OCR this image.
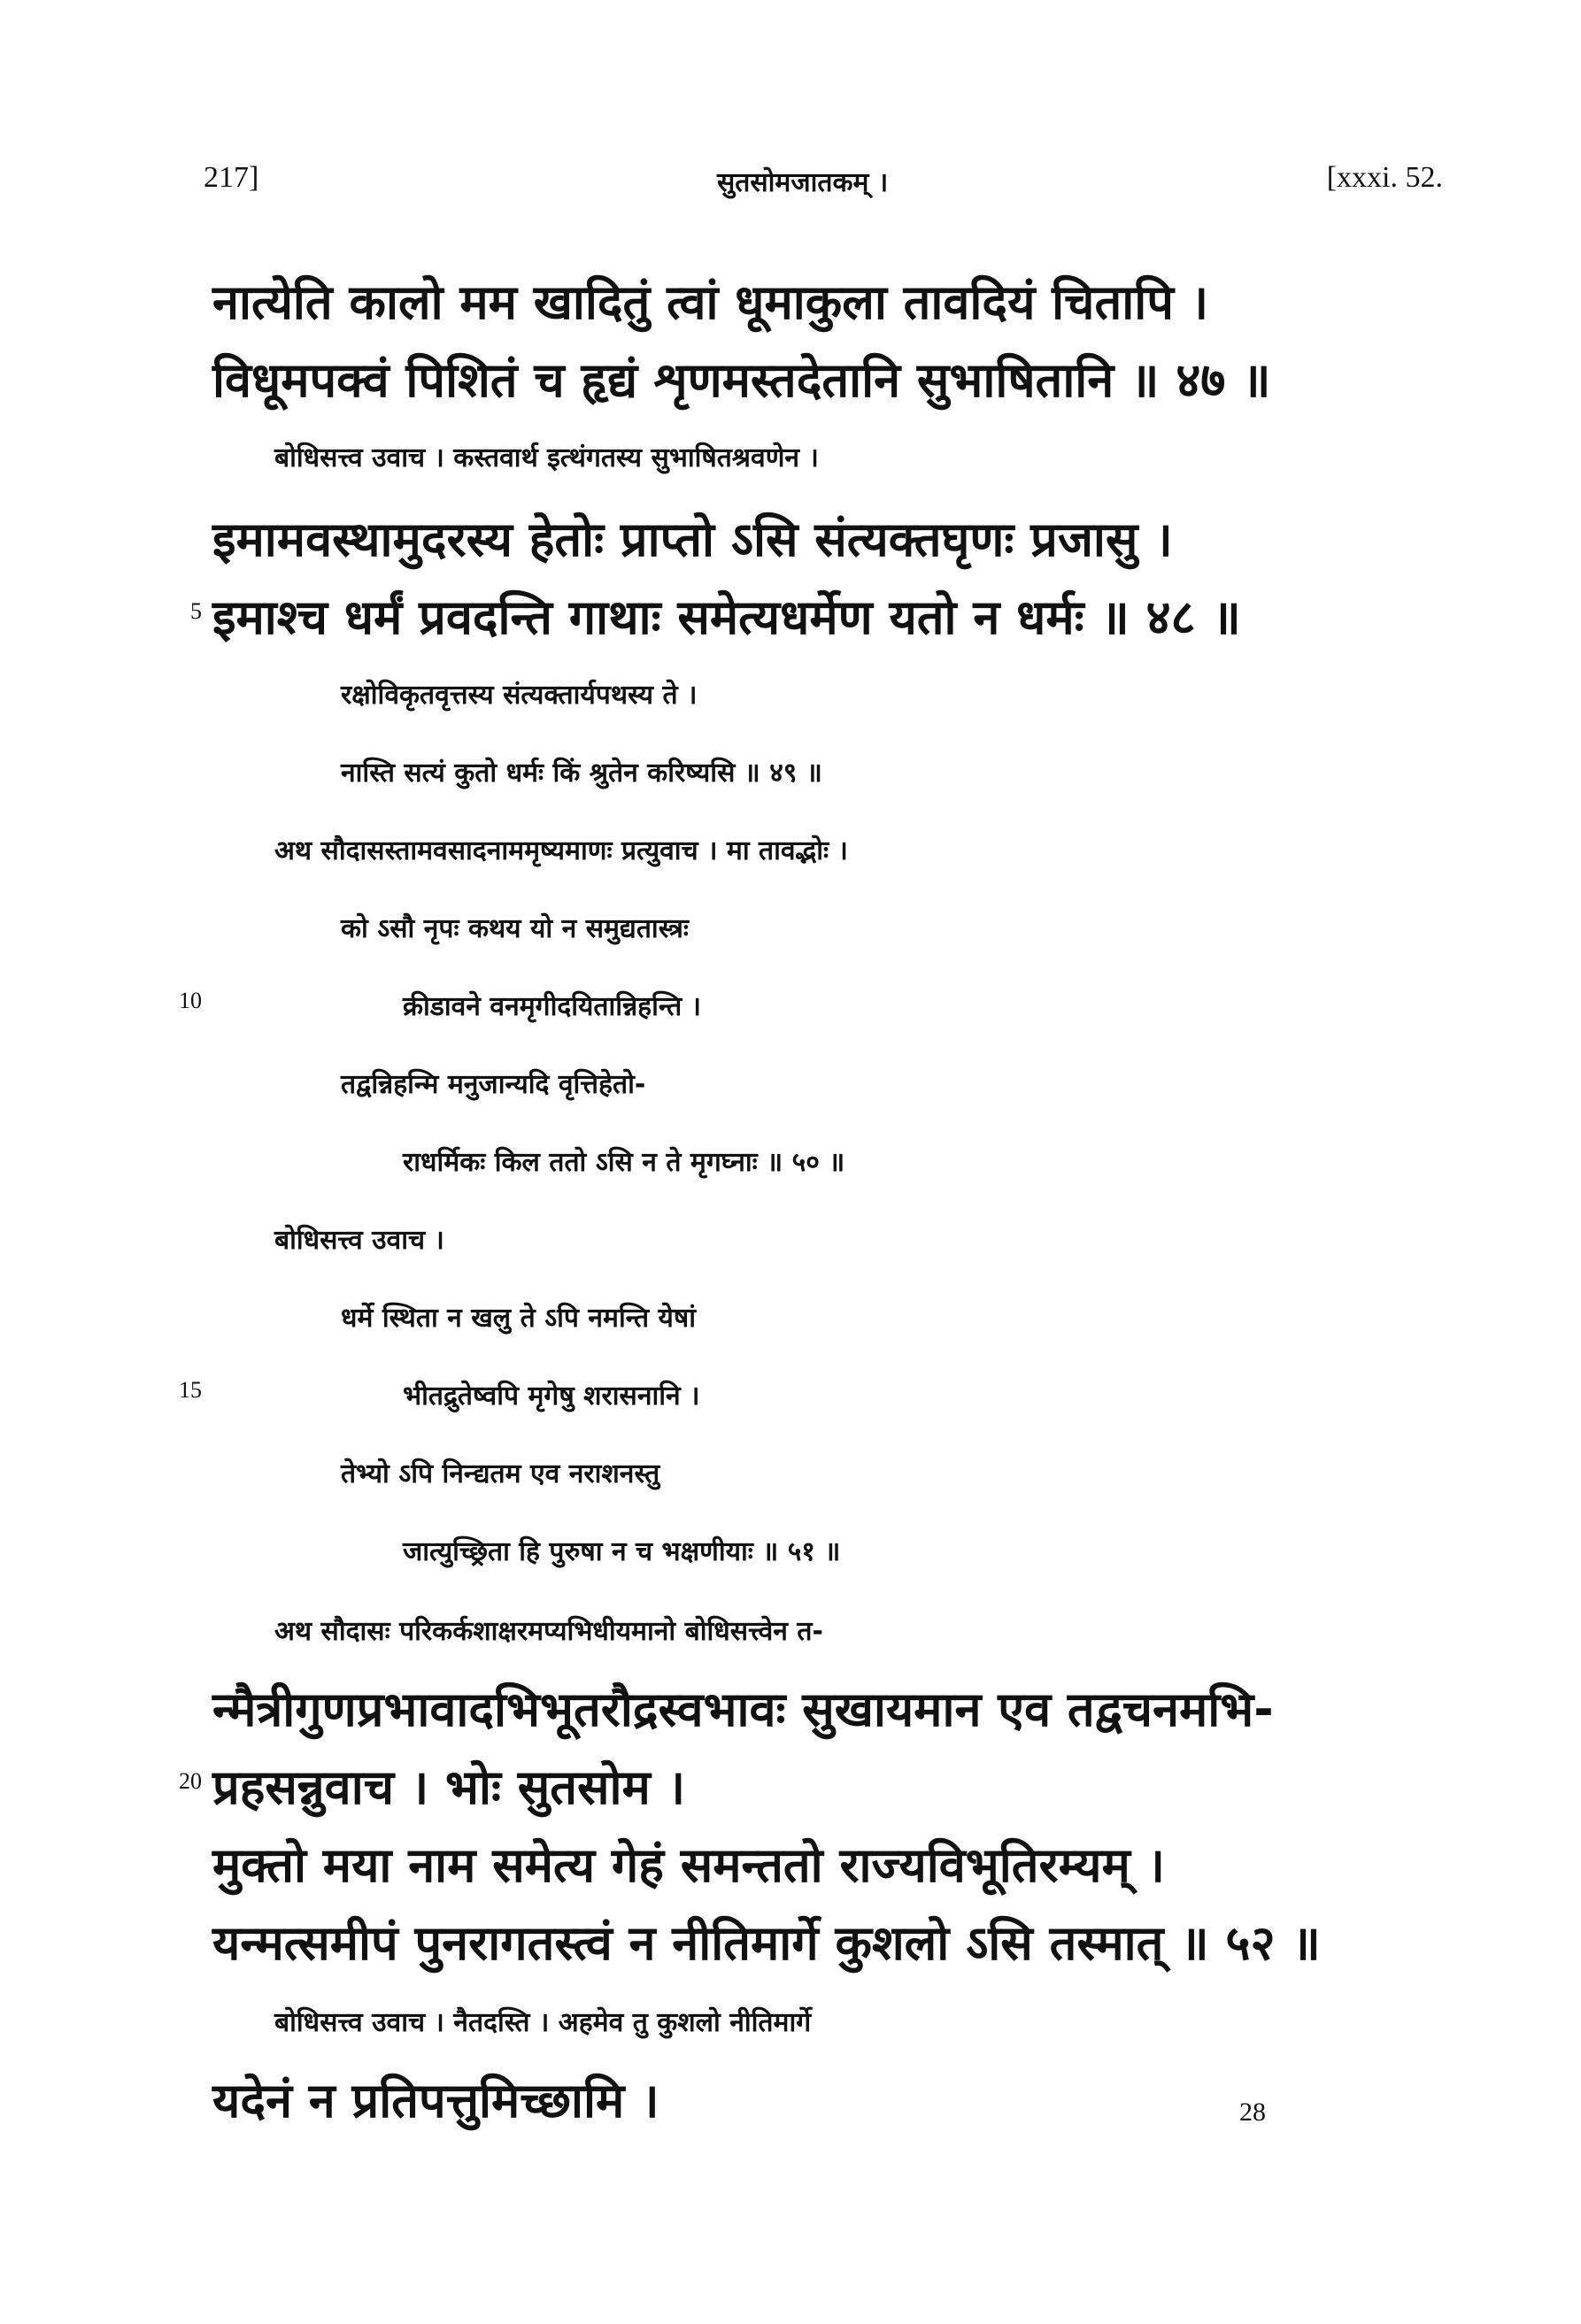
217]	सुतसोमजातकम् ।	[xxxi. 52.
नात्येति कालो मम खादितुं त्वां धूमाकुला तावदियं चितापि ।
विधूमपक्वं पिशितं च हृद्यं शृणमस्तदेतानि सुभाषितानि ॥ ४७ ॥
बोधिसत्त्व उवाच । कस्तवार्थ इत्थंगतस्य सुभाषितश्रवणेन ।
इमामवस्थामुदरस्य हेतोः प्राप्तो ऽसि संत्यक्तघृणः प्रजासु ।
5 इमाश्च धर्मं प्रवदन्ति गाथाः समेत्यधर्मेण यतो न धर्मः ॥ ४८ ॥
रक्षोविकृतवृत्तस्य संत्यक्तार्यपथस्य ते ।
नास्ति सत्यं कुतो धर्मः किं श्रुतेन करिष्यसि ॥ ४९ ॥
अथ सौदासस्तामवसादनाममृष्यमाणः प्रत्युवाच । मा तावद्भोः ।
को ऽसौ नृपः कथय यो न समुद्यतास्त्रः
10	क्रीडावने वनमृगीदयितान्निहन्ति ।
तद्वन्निहन्मि मनुजान्यदि वृत्तिहेतो-
राधर्मिकः किल ततो ऽसि न ते मृगघ्नाः ॥ ५० ॥
बोधिसत्त्व उवाच ।
धर्मे स्थिता न खलु ते ऽपि नमन्ति येषां
15	भीतद्रुतेष्वपि मृगेषु शरासनानि ।
तेभ्यो ऽपि निन्द्यतम एव नराशनस्तु
जात्युच्छ्रिता हि पुरुषा न च भक्षणीयाः ॥ ५१ ॥
अथ सौदासः परिकर्कशाक्षरमप्यभिधीयमानो बोधिसत्त्वेन त-
न्मैत्रीगुणप्रभावादभिभूतरौद्रस्वभावः सुखायमान एव तद्वचनमभि-
20 प्रहसन्नुवाच । भोः सुतसोम ।
मुक्तो मया नाम समेत्य गेहं समन्ततो राज्यविभूतिरम्यम् ।
यन्मत्समीपं पुनरागतस्त्वं न नीतिमार्गे कुशलो ऽसि तस्मात् ॥ ५२ ॥
बोधिसत्त्व उवाच । नैतदस्ति । अहमेव तु कुशलो नीतिमार्गे
यदेनं न प्रतिपत्तुमिच्छामि ।	28
